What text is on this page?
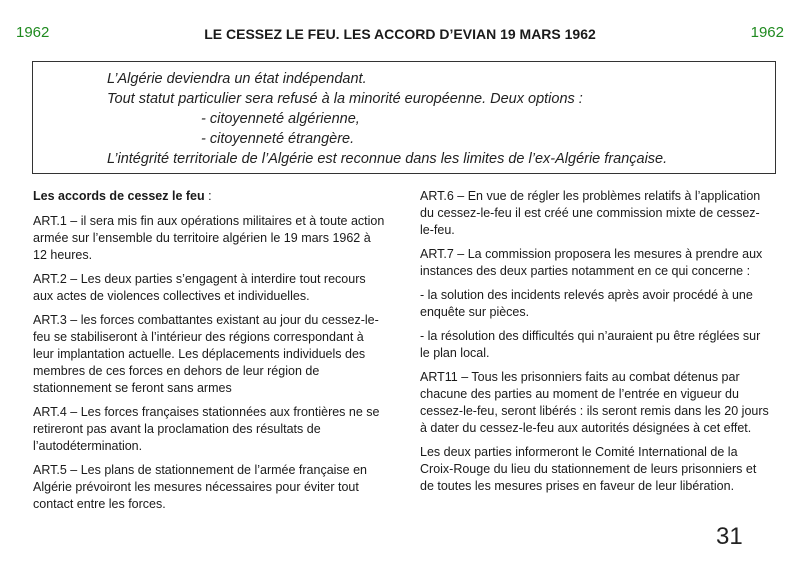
1962	LE CESSEZ LE FEU. LES ACCORD D’EVIAN 19 MARS 1962	1962

L’Algérie deviendra un état indépendant.

Tout statut particulier sera refusé à la minorité européenne. Deux options :

- citoyenneté algérienne,

- citoyenneté étrangère.

L’intégrité territoriale de l’Algérie est reconnue dans les limites de l’ex-Algérie française.

Les accords de cessez le feu :

ART.1 – il sera mis fin aux opérations militaires et à toute action armée sur l’ensemble du territoire algérien le 19 mars 1962 à 12 heures.

ART.2 – Les deux parties s’engagent à interdire tout recours aux actes de violences collectives et individuelles.

ART.3 – les forces combattantes existant au jour du cessez-le-feu se stabiliseront à l’intérieur des régions correspondant à leur implantation actuelle. Les déplacements individuels des membres de ces forces en dehors de leur région de stationnement se feront sans armes

ART.4 – Les forces françaises stationnées aux frontières ne se retireront pas avant la proclamation des résultats de l’autodétermination.

ART.5 – Les plans de stationnement de l’armée française en Algérie prévoiront les mesures nécessaires pour éviter tout contact entre les forces.

ART.6 – En vue de régler les problèmes relatifs à l’application du cessez-le-feu il est créé une commission mixte de cessez-le-feu.

ART.7 – La commission proposera les mesures à prendre aux instances des deux parties notamment en ce qui concerne :

- la solution des incidents relevés après avoir procédé à une enquête sur pièces.

- la résolution des difficultés qui n’auraient pu être réglées sur le plan local.

ART11 – Tous les prisonniers faits au combat détenus par chacune des parties au moment de l’entrée en vigueur du cessez-le-feu, seront libérés : ils seront remis dans les 20 jours à dater du cessez-le-feu aux autorités désignées à cet effet.

Les deux parties informeront le Comité International de la Croix-Rouge du lieu du stationnement de leurs prisonniers et de toutes les mesures prises en faveur de leur libération.

31
